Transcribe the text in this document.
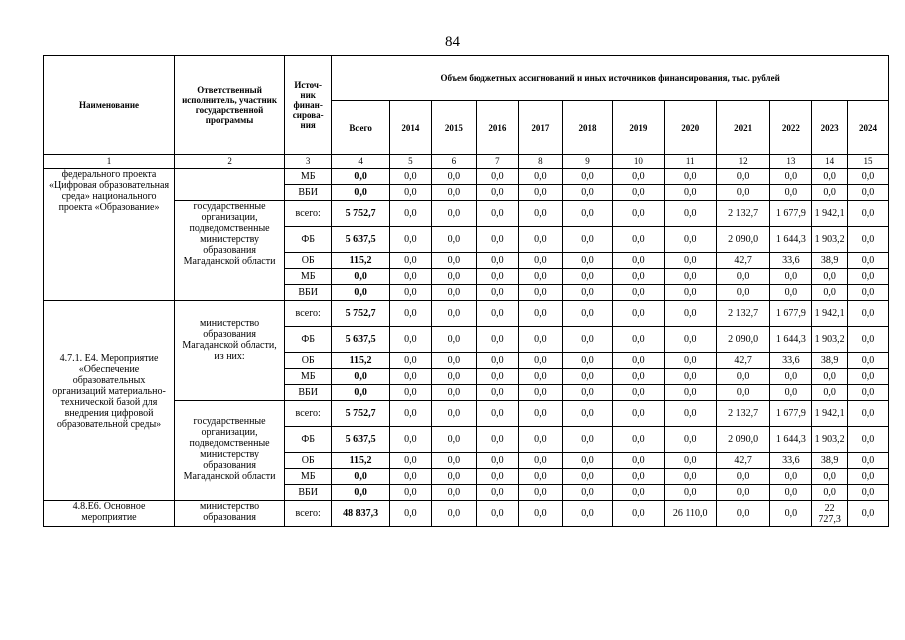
84
Наименование	Ответственный исполнитель, участник государственной программы	Источ-ник финан-сирова-ния	Объем бюджетных ассигнований и иных источников финансирования, тыс. рублей											
			Всего	2014	2015	2016	2017	2018	2019	2020	2021	2022	2023	2024
1	2	3	4	5	6	7	8	9	10	11	12	13	14	15
федерального проекта «Цифровая образовательная среда» национального проекта «Образование»		МБ	0,0	0,0	0,0	0,0	0,0	0,0	0,0	0,0	0,0	0,0	0,0	0,0
		ВБИ	0,0	0,0	0,0	0,0	0,0	0,0	0,0	0,0	0,0	0,0	0,0	0,0
	государственные организации, подведомственные министерству образования Магаданской области	всего:	5 752,7	0,0	0,0	0,0	0,0	0,0	0,0	0,0	2 132,7	1 677,9	1 942,1	0,0
		ФБ	5 637,5	0,0	0,0	0,0	0,0	0,0	0,0	0,0	2 090,0	1 644,3	1 903,2	0,0
		ОБ	115,2	0,0	0,0	0,0	0,0	0,0	0,0	0,0	42,7	33,6	38,9	0,0
		МБ	0,0	0,0	0,0	0,0	0,0	0,0	0,0	0,0	0,0	0,0	0,0	0,0
		ВБИ	0,0	0,0	0,0	0,0	0,0	0,0	0,0	0,0	0,0	0,0	0,0	0,0
4.7.1. Е4. Мероприятие «Обеспечение образовательных организаций материально-технической базой для внедрения цифровой образовательной среды»	министерство образования Магаданской области, из них:	всего:	5 752,7	0,0	0,0	0,0	0,0	0,0	0,0	0,0	2 132,7	1 677,9	1 942,1	0,0
		ФБ	5 637,5	0,0	0,0	0,0	0,0	0,0	0,0	0,0	2 090,0	1 644,3	1 903,2	0,0
		ОБ	115,2	0,0	0,0	0,0	0,0	0,0	0,0	0,0	42,7	33,6	38,9	0,0
		МБ	0,0	0,0	0,0	0,0	0,0	0,0	0,0	0,0	0,0	0,0	0,0	0,0
		ВБИ	0,0	0,0	0,0	0,0	0,0	0,0	0,0	0,0	0,0	0,0	0,0	0,0
	государственные организации, подведомственные министерству образования Магаданской области	всего:	5 752,7	0,0	0,0	0,0	0,0	0,0	0,0	0,0	2 132,7	1 677,9	1 942,1	0,0
		ФБ	5 637,5	0,0	0,0	0,0	0,0	0,0	0,0	0,0	2 090,0	1 644,3	1 903,2	0,0
		ОБ	115,2	0,0	0,0	0,0	0,0	0,0	0,0	0,0	42,7	33,6	38,9	0,0
		МБ	0,0	0,0	0,0	0,0	0,0	0,0	0,0	0,0	0,0	0,0	0,0	0,0
		ВБИ	0,0	0,0	0,0	0,0	0,0	0,0	0,0	0,0	0,0	0,0	0,0	0,0
4.8.Е6. Основное мероприятие	министерство образования	всего:	48 837,3	0,0	0,0	0,0	0,0	0,0	0,0	26 110,0	0,0	0,0	22 727,3	0,0
